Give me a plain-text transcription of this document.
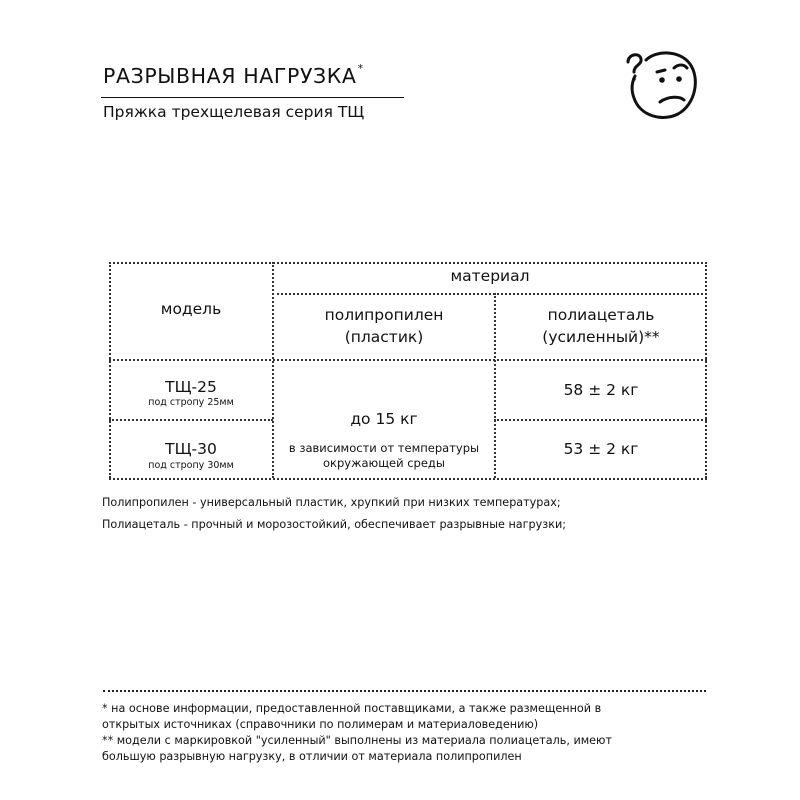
РАЗРЫВНАЯ НАГРУЗКА*
Пряжка трехщелевая серия ТЩ
модель
материал
полипропилен
(пластик)
полиацеталь
(усиленный)**
ТЩ-25
под стропу 25мм
ТЩ-30
под стропу 30мм
до 15 кг
в зависимости от температуры
окружающей среды
58 ± 2 кг
53 ± 2 кг
Полипропилен - универсальный пластик, хрупкий при низких температурах;
Полиацеталь - прочный и морозостойкий, обеспечивает разрывные нагрузки;
* на основе информации, предоставленной поставщиками, а также размещенной в
открытых источниках (справочники по полимерам и материаловедению)
** модели с маркировкой "усиленный" выполнены из материала полиацеталь, имеют
большую разрывную нагрузку, в отличии от материала полипропилен
